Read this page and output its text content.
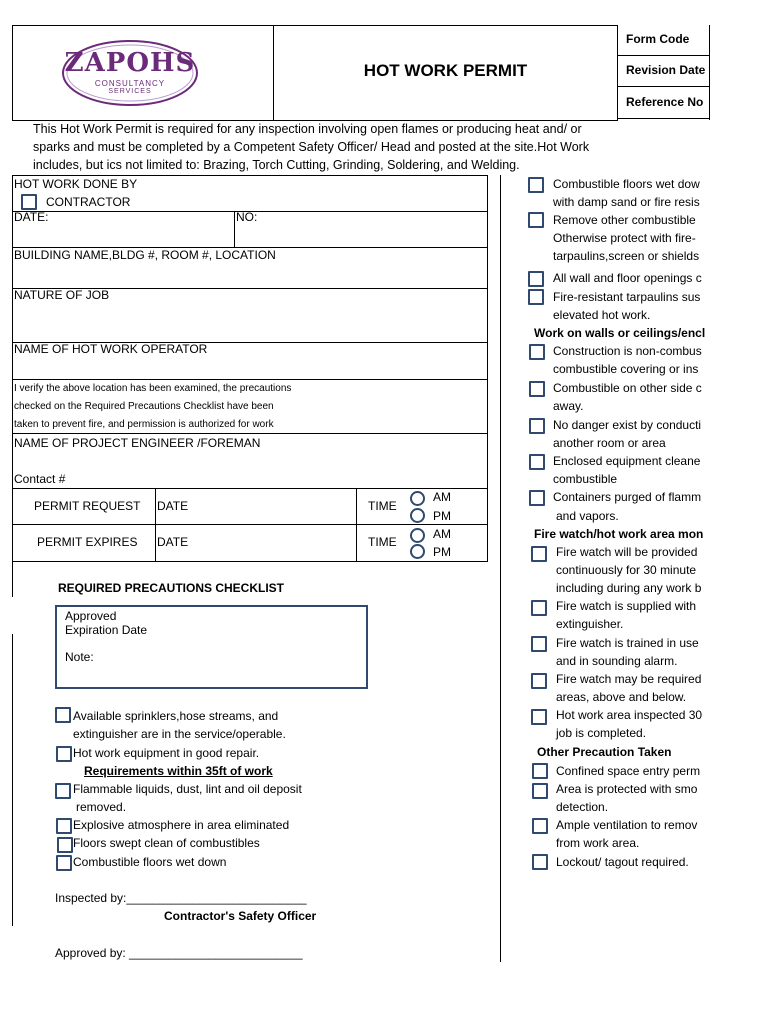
ZAPOHS
CONSULTANCY
SERVICES
HOT WORK PERMIT
Form Code
Revision Date
Reference No
This Hot Work Permit is required for any inspection involving open flames or producing heat and/ or
sparks and must be completed by a Competent Safety Officer/ Head and posted at the site.Hot Work
includes, but ics not limited to: Brazing, Torch Cutting, Grinding, Soldering, and Welding.
HOT WORK DONE BY
CONTRACTOR
DATE:	NO:
BUILDING NAME,BLDG #, ROOM #, LOCATION
NATURE OF JOB
NAME OF HOT WORK OPERATOR
I verify the above location has been examined, the precautions
checked on the Required Precautions Checklist have been
taken to prevent fire, and permission is authorized for work
NAME OF PROJECT ENGINEER /FOREMAN
Contact #
PERMIT REQUEST DATE	TIME
AM
PM
PERMIT EXPIRES DATE	TIME
AM
PM
REQUIRED PRECAUTIONS CHECKLIST
Approved
Expiration Date
Note:
Available sprinklers,hose streams, and
extinguisher are in the service/operable.
Hot work equipment in good repair.
Requirements within 35ft of work
Flammable liquids, dust, lint and oil deposit
removed.
Explosive atmosphere in area eliminated
Floors swept clean of combustibles
Combustible floors wet down
Inspected by:___________________________
Contractor's Safety Officer
Approved by: __________________________
Combustible floors wet dow
with damp sand or fire resis
Remove other combustible
Otherwise protect with fire-
tarpaulins,screen or shields
All wall and floor openings c
Fire-resistant tarpaulins sus
elevated hot work.
Work on walls or ceilings/encl
Construction is non-combus
combustible covering or ins
Combustible on other side c
away.
No danger exist by conducti
another room or area
Enclosed equipment cleane
combustible
Containers purged of flamm
and vapors.
Fire watch/hot work area mon
Fire watch will be provided
continuously for 30 minute
including during any work b
Fire watch is supplied with
extinguisher.
Fire watch is trained in use
and in sounding alarm.
Fire watch may be required
areas, above and below.
Hot work area inspected 30
job is completed.
Other Precaution Taken
Confined space entry perm
Area is protected with smo
detection.
Ample ventilation to remov
from work area.
Lockout/ tagout required.
